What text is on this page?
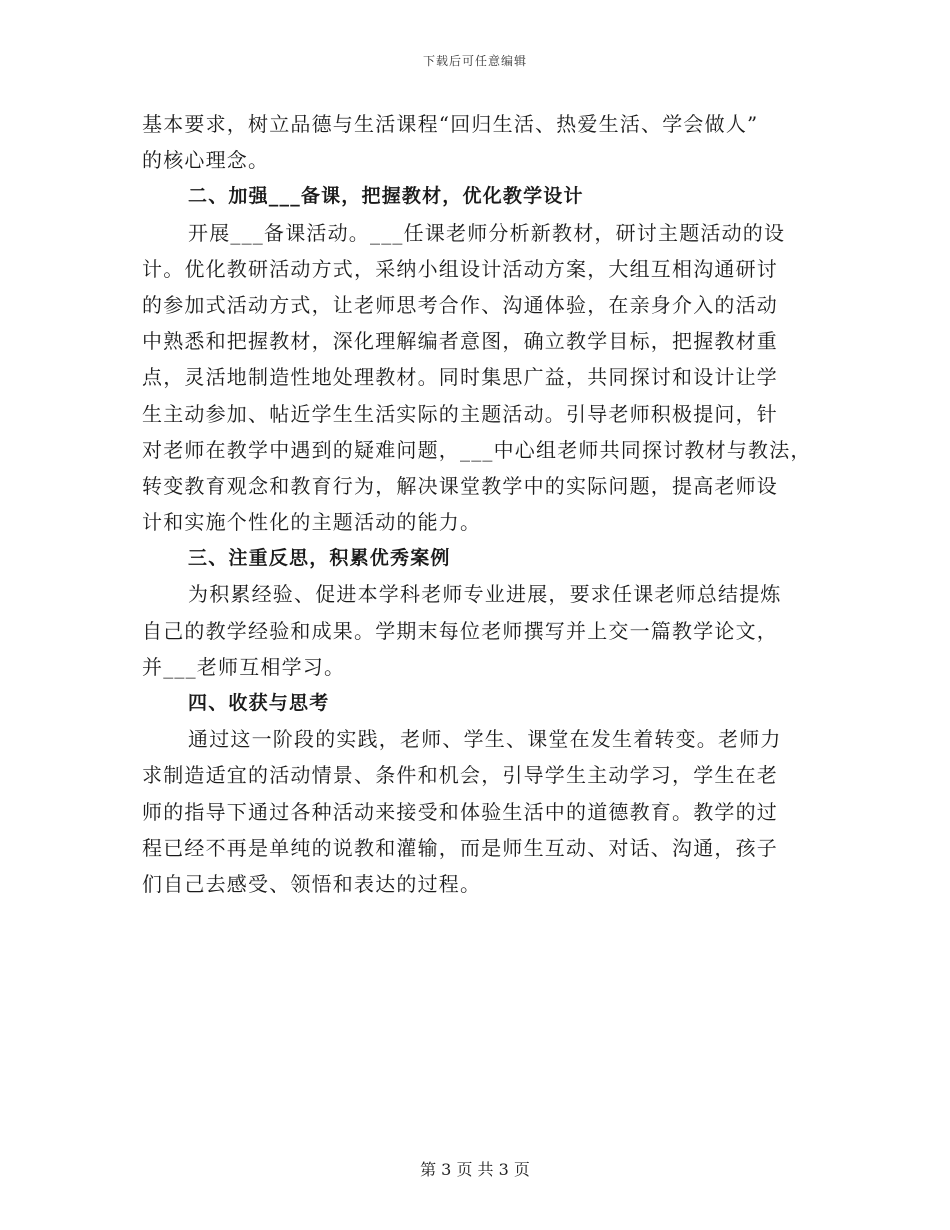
下载后可任意编辑
基本要求，树立品德与生活课程“回归生活、热爱生活、学会做人”
的核心理念。
二、加强___备课，把握教材，优化教学设计
开展___备课活动。___任课老师分析新教材，研讨主题活动的设
计。优化教研活动方式，采纳小组设计活动方案，大组互相沟通研讨
的参加式活动方式，让老师思考合作、沟通体验，在亲身介入的活动
中熟悉和把握教材，深化理解编者意图，确立教学目标，把握教材重
点，灵活地制造性地处理教材。同时集思广益，共同探讨和设计让学
生主动参加、帖近学生生活实际的主题活动。引导老师积极提问，针
对老师在教学中遇到的疑难问题，___中心组老师共同探讨教材与教法，
转变教育观念和教育行为，解决课堂教学中的实际问题，提高老师设
计和实施个性化的主题活动的能力。
三、注重反思，积累优秀案例
为积累经验、促进本学科老师专业进展，要求任课老师总结提炼
自己的教学经验和成果。学期末每位老师撰写并上交一篇教学论文，
并___老师互相学习。
四、收获与思考
通过这一阶段的实践，老师、学生、课堂在发生着转变。老师力
求制造适宜的活动情景、条件和机会，引导学生主动学习，学生在老
师的指导下通过各种活动来接受和体验生活中的道德教育。教学的过
程已经不再是单纯的说教和灌输，而是师生互动、对话、沟通，孩子
们自己去感受、领悟和表达的过程。
第 3 页 共 3 页
